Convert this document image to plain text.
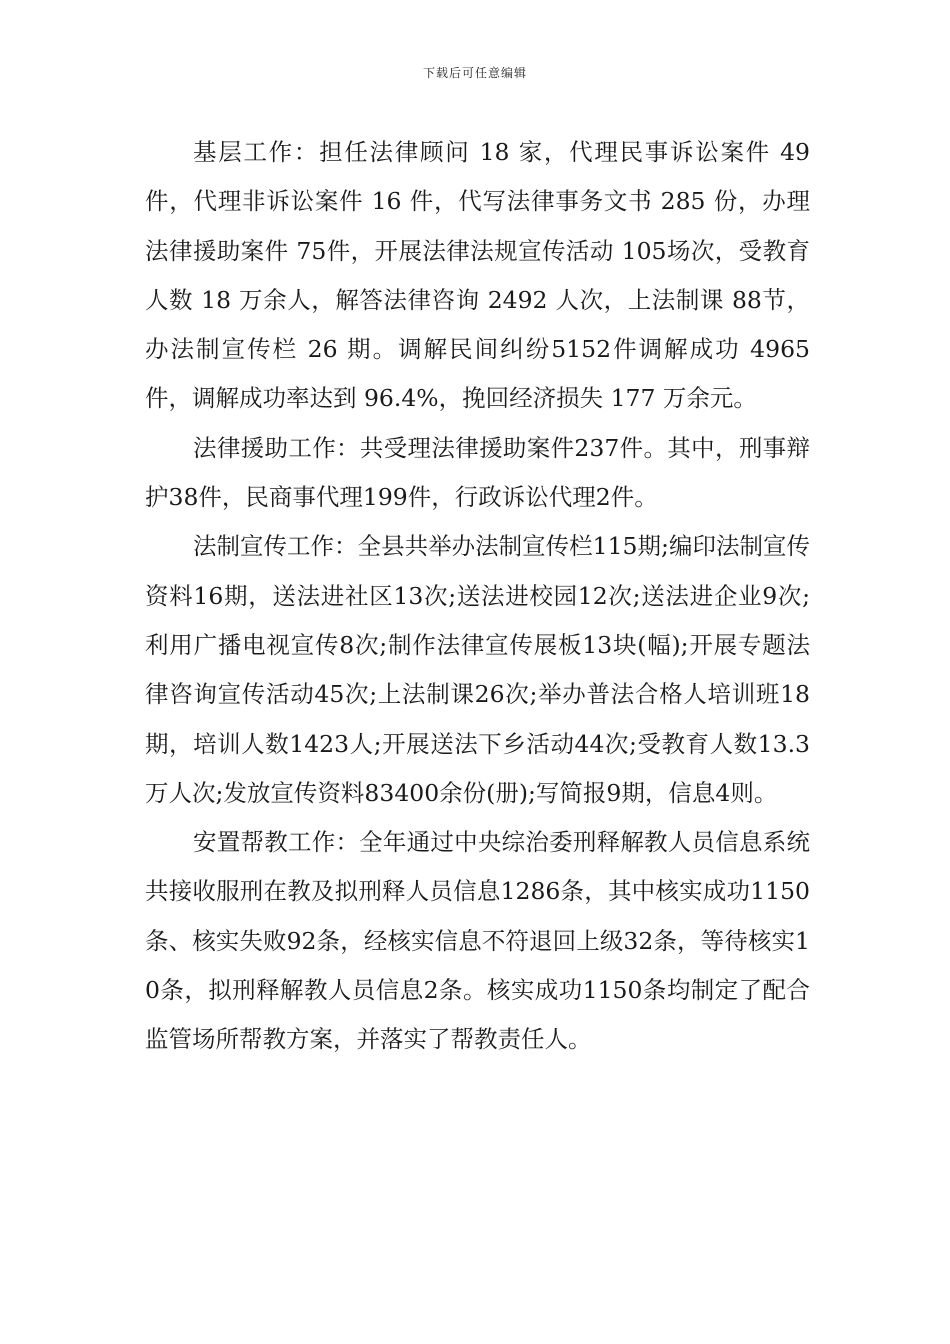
下载后可任意编辑

基层工作：担任法律顾问 18 家，代理民事诉讼案件 49件，代理非诉讼案件 16 件，代写法律事务文书 285 份，办理法律援助案件 75件，开展法律法规宣传活动 105场次，受教育人数 18 万余人，解答法律咨询 2492 人次，上法制课 88节，办法制宣传栏 26 期。调解民间纠纷5152件调解成功 4965 件，调解成功率达到 96.4%，挽回经济损失 177 万余元。

法律援助工作：共受理法律援助案件237件。其中，刑事辩护38件，民商事代理199件，行政诉讼代理2件。

法制宣传工作：全县共举办法制宣传栏115期;编印法制宣传资料16期，送法进社区13次;送法进校园12次;送法进企业9次;利用广播电视宣传8次;制作法律宣传展板13块(幅);开展专题法律咨询宣传活动45次;上法制课26次;举办普法合格人培训班18期，培训人数1423人;开展送法下乡活动44次;受教育人数13.3万人次;发放宣传资料83400余份(册);写简报9期，信息4则。

安置帮教工作：全年通过中央综治委刑释解教人员信息系统共接收服刑在教及拟刑释人员信息1286条，其中核实成功1150条、核实失败92条，经核实信息不符退回上级32条，等待核实10条，拟刑释解教人员信息2条。核实成功1150条均制定了配合监管场所帮教方案，并落实了帮教责任人。
